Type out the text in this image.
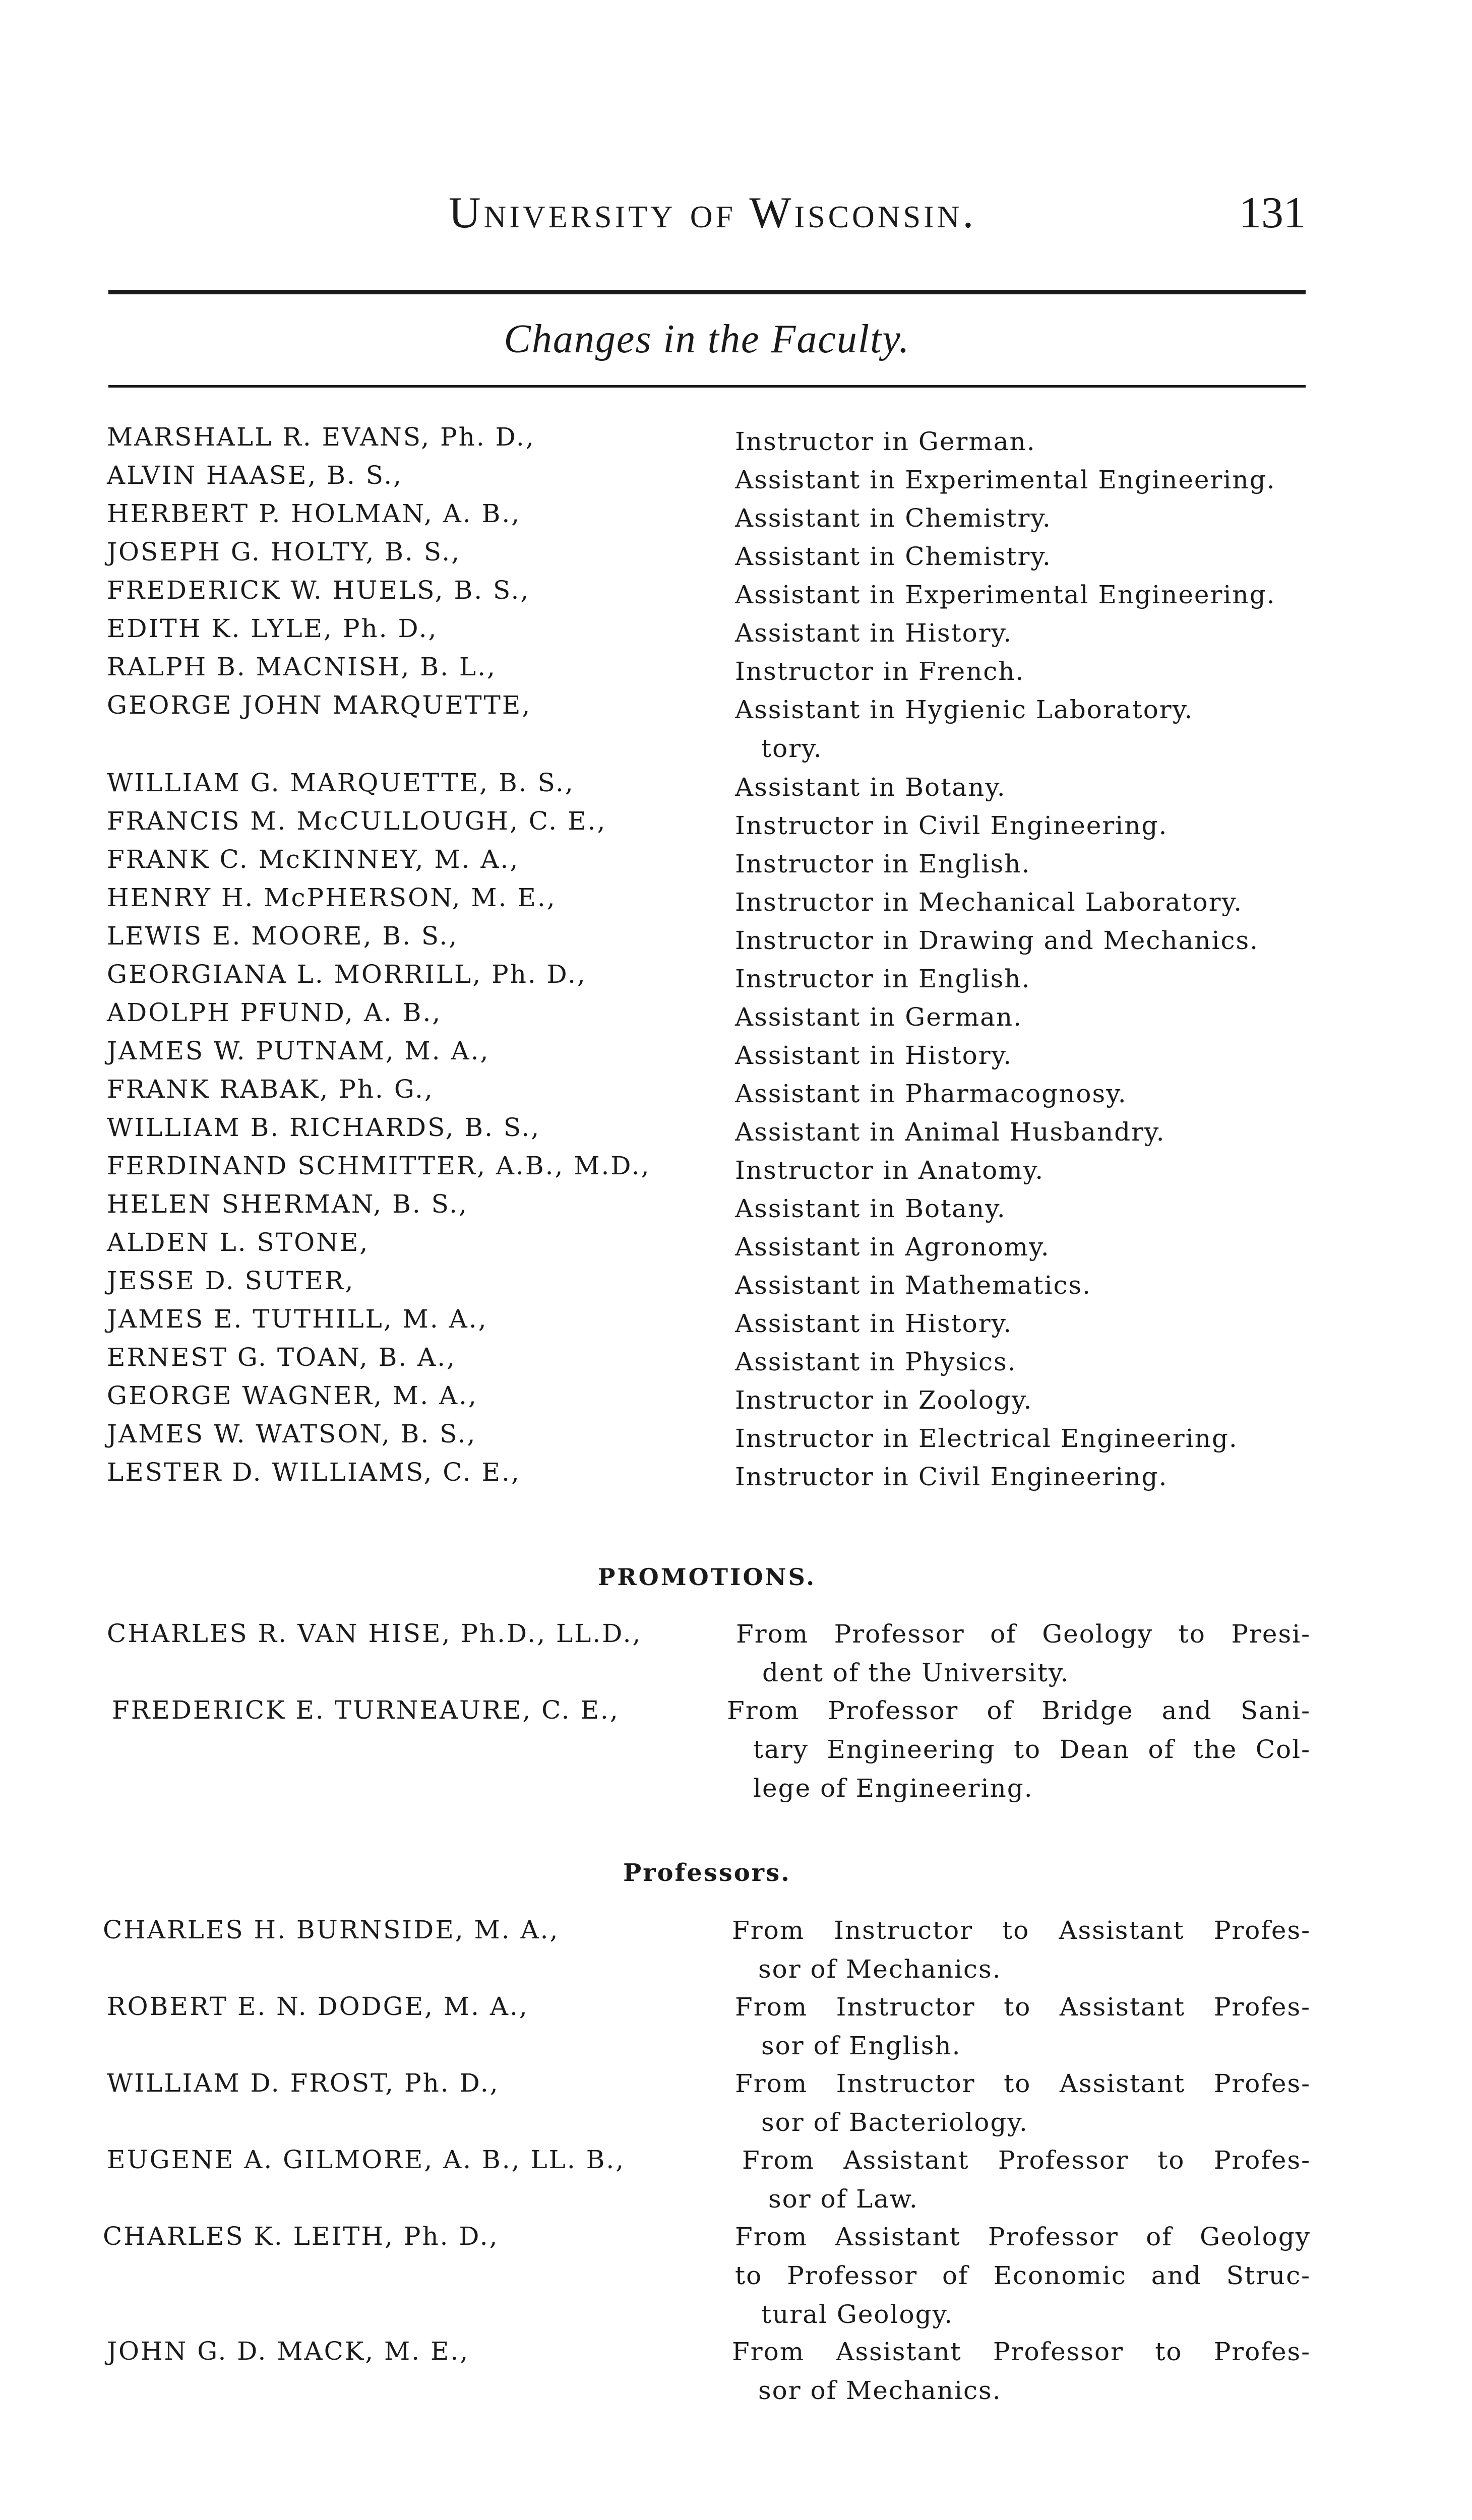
University of Wisconsin.	131
Changes in the Faculty.
MARSHALL R. EVANS, Ph. D.,	Instructor in German.
ALVIN HAASE, B. S.,	Assistant in Experimental Engineering.
HERBERT P. HOLMAN, A. B.,	Assistant in Chemistry.
JOSEPH G. HOLTY, B. S.,	Assistant in Chemistry.
FREDERICK W. HUELS, B. S.,	Assistant in Experimental Engineering.
EDITH K. LYLE, Ph. D.,	Assistant in History.
RALPH B. MACNISH, B. L.,	Instructor in French.
GEORGE JOHN MARQUETTE,	Assistant in Hygienic Laboratory.
tory.
WILLIAM G. MARQUETTE, B. S.,	Assistant in Botany.
FRANCIS M. McCULLOUGH, C. E.,	Instructor in Civil Engineering.
FRANK C. McKINNEY, M. A.,	Instructor in English.
HENRY H. McPHERSON, M. E.,	Instructor in Mechanical Laboratory.
LEWIS E. MOORE, B. S.,	Instructor in Drawing and Mechanics.
GEORGIANA L. MORRILL, Ph. D.,	Instructor in English.
ADOLPH PFUND, A. B.,	Assistant in German.
JAMES W. PUTNAM, M. A.,	Assistant in History.
FRANK RABAK, Ph. G.,	Assistant in Pharmacognosy.
WILLIAM B. RICHARDS, B. S.,	Assistant in Animal Husbandry.
FERDINAND SCHMITTER, A.B., M.D.,	Instructor in Anatomy.
HELEN SHERMAN, B. S.,	Assistant in Botany.
ALDEN L. STONE,	Assistant in Agronomy.
JESSE D. SUTER,	Assistant in Mathematics.
JAMES E. TUTHILL, M. A.,	Assistant in History.
ERNEST G. TOAN, B. A.,	Assistant in Physics.
GEORGE WAGNER, M. A.,	Instructor in Zoology.
JAMES W. WATSON, B. S.,	Instructor in Electrical Engineering.
LESTER D. WILLIAMS, C. E.,	Instructor in Civil Engineering.
PROMOTIONS.
CHARLES R. VAN HISE, Ph.D., LL.D.,	From Professor of Geology to Presi-
dent of the University.
FREDERICK E. TURNEAURE, C. E.,	From Professor of Bridge and Sani-
tary Engineering to Dean of the Col-
lege of Engineering.
Professors.
CHARLES H. BURNSIDE, M. A.,	From Instructor to Assistant Profes-
sor of Mechanics.
ROBERT E. N. DODGE, M. A.,	From Instructor to Assistant Profes-
sor of English.
WILLIAM D. FROST, Ph. D.,	From Instructor to Assistant Profes-
sor of Bacteriology.
EUGENE A. GILMORE, A. B., LL. B.,	From Assistant Professor to Profes-
sor of Law.
CHARLES K. LEITH, Ph. D.,	From Assistant Professor of Geology
to Professor of Economic and Struc-
tural Geology.
JOHN G. D. MACK, M. E.,	From Assistant Professor to Profes-
sor of Mechanics.
